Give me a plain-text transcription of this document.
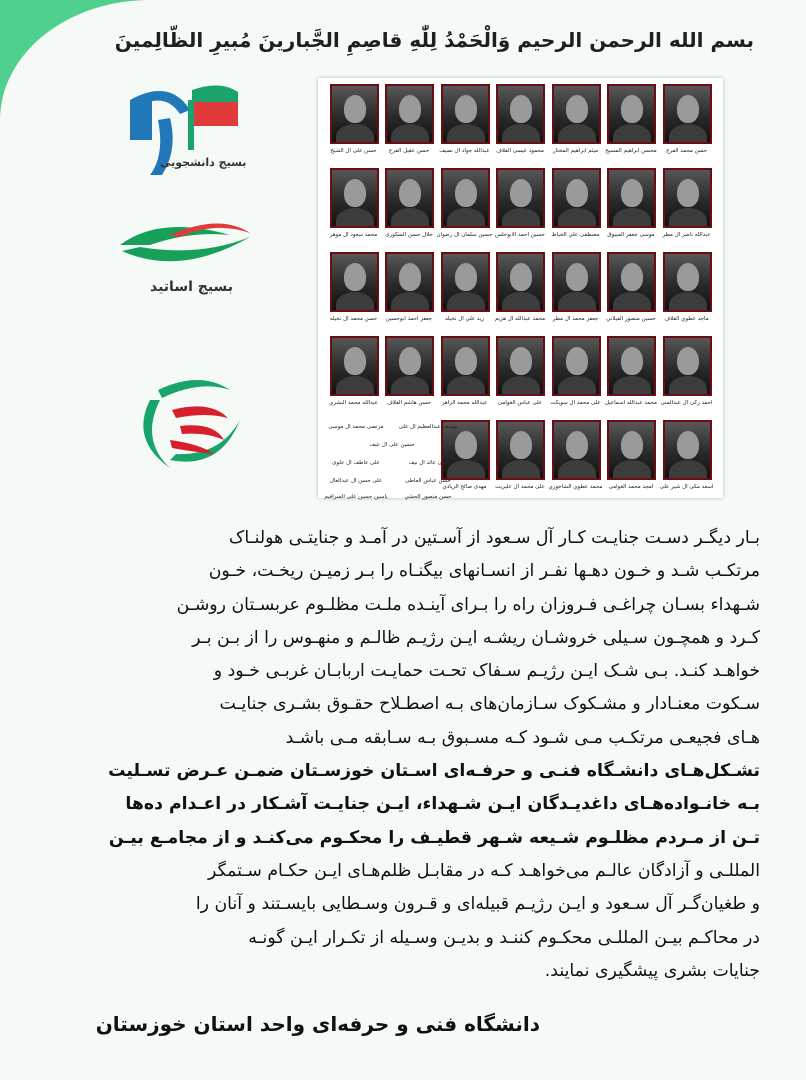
بسم الله الرحمن الرحيم وَالْحَمْدُ لِلّٰهِ قاصِمِ الجَّبارینَ مُبیرِ الظّالِمینَ
بسیج دانشجویی
بسیج اساتید
حسن محمد الفرج
محسن ابراهيم المسيح
ميثم ابراهيم المختار
محمود عیسی القلاف
عبدالله جواد آل نصيف
حسن عقيل الفرج
حسن علی آل الشيخ
عبدالله ناصر آل مطر
موسى جعفر المبيوق
مصطفى علي الخياط
حسین احمد الابوحلس
حسین سلمان آل رضوان
جلال حسن السکوری
محمد سعود آل موهر
ماجد عطوي القلاف
حسين منصور الفيلاني
جعفر محمد آل مطر
محمد عبدالله آل هزيم
زيد علي آل نخيله
جعفر احمد ابوحسين
حسن محمد آل نخيله
احمد زکی آل عبدالمنی
محمد عبدالله اسماعیل
علی محمد آل سویکت
علی عباس الغوامی
عبدالله محمد الزاهر
حسن هاشم القلاف
عبدالله محمد البشري
اسعد مکی آل شیر علی
امجد محمد الغوامی
محمد عطوي الشاخوري
علی محمد آل عليريت
مهدی صالح الزيادي
یوسف عبدالعظیم آل علی
مرتضی محمد آل موسی
حسین علی آل عیف
علی عائد آل نيف
علی عاطف آل علوی
حسن عباس العاطی
علی حسن آل عبدالعال
حسن منصور الحشي
یاسین حسین علی السرافیم
بـار دیگـر دسـت جنایـت کـار آل سـعود از آسـتین در آمـد و جنایتـی هولنـاک
مرتکـب شـد و خـون دهـها نفـر از انسـانهای بیگنـاه را بـر زمیـن ریخـت، خـون
شـهداء بسـان چراغـی فـروزان راه را بـرای آینـده ملـت مظلـوم عربسـتان روشـن
کـرد و همچـون سـیلی خروشـان ریشـه ایـن رژیـم ظالـم و منهـوس را از بـن بـر
خواهـد کنـد. بـی شـک ایـن رژیـم سـفاک تحـت حمایـت اربابـان غربـی خـود و
سـکوت معنـادار و مشـکوک سـازمان‌های بـه اصطـلاح حقـوق بشـری جنایـت
هـای فجیعـی مرتکـب مـی شـود کـه مسـبوق بـه سـابقه مـی باشـد
تشـکل‌هـای دانشـگاه فنـی و حرفـه‌ای اسـتان خوزسـتان ضمـن عـرض تسـلیت
بـه خانـواده‌هـای داغدیـدگان ایـن شـهداء، ایـن جنایـت آشـکار در اعـدام ده‌ها
تـن از مـردم مظلـوم شـیعه شـهر قطیـف را محکـوم می‌کنـد و از مجامـع بیـن
المللـی و آزادگان عالـم می‌خواهـد کـه در مقابـل ظلم‌هـای ایـن حکـام سـتمگر
و طغیان‌گـر آل سـعود و ایـن رژیـم قبیله‌ای و قـرون وسـطایی بایسـتند و آنان را
در محاکـم بیـن المللـی محکـوم کننـد و بدیـن وسـیله از تکـرار ایـن گونـه
جنایات بشری پیشگیری نمایند.
دانشگاه فنی و حرفه‌ای واحد استان خوزستان
